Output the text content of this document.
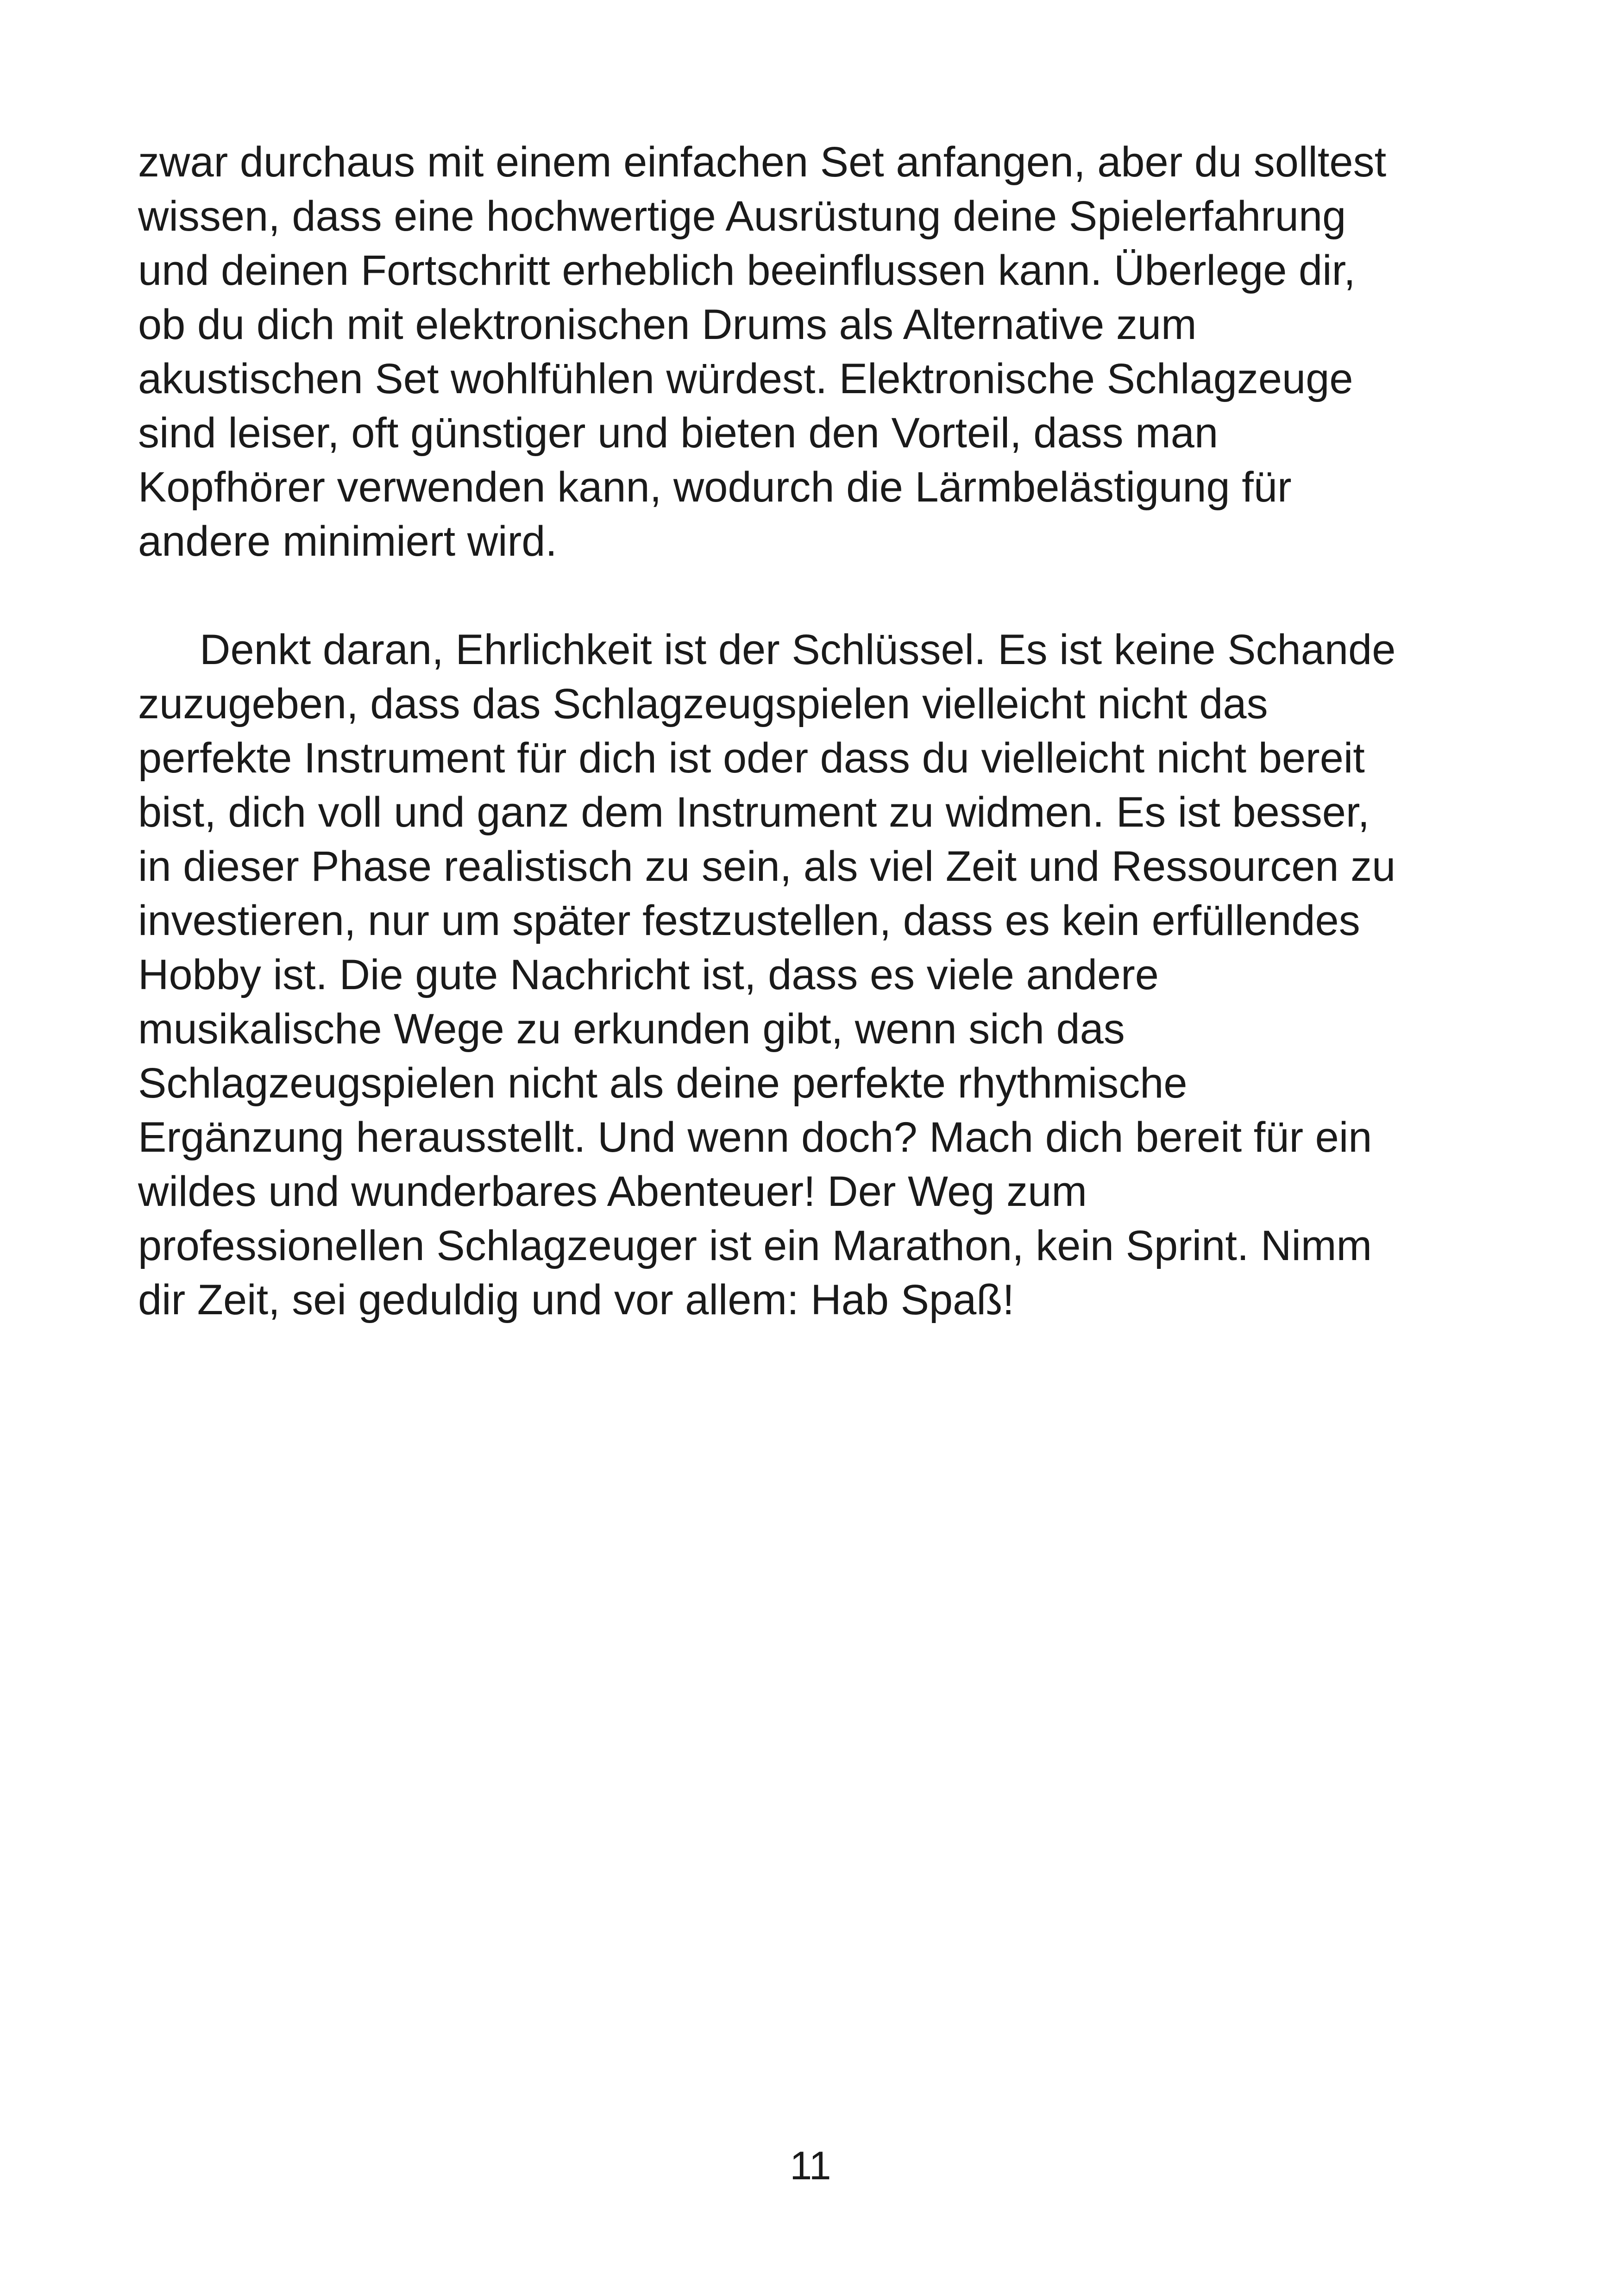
zwar durchaus mit einem einfachen Set anfangen, aber du solltest
wissen, dass eine hochwertige Ausrüstung deine Spielerfahrung
und deinen Fortschritt erheblich beeinflussen kann. Überlege dir,
ob du dich mit elektronischen Drums als Alternative zum
akustischen Set wohlfühlen würdest. Elektronische Schlagzeuge
sind leiser, oft günstiger und bieten den Vorteil, dass man
Kopfhörer verwenden kann, wodurch die Lärmbelästigung für
andere minimiert wird.
Denkt daran, Ehrlichkeit ist der Schlüssel. Es ist keine Schande
zuzugeben, dass das Schlagzeugspielen vielleicht nicht das
perfekte Instrument für dich ist oder dass du vielleicht nicht bereit
bist, dich voll und ganz dem Instrument zu widmen. Es ist besser,
in dieser Phase realistisch zu sein, als viel Zeit und Ressourcen zu
investieren, nur um später festzustellen, dass es kein erfüllendes
Hobby ist. Die gute Nachricht ist, dass es viele andere
musikalische Wege zu erkunden gibt, wenn sich das
Schlagzeugspielen nicht als deine perfekte rhythmische
Ergänzung herausstellt. Und wenn doch? Mach dich bereit für ein
wildes und wunderbares Abenteuer! Der Weg zum
professionellen Schlagzeuger ist ein Marathon, kein Sprint. Nimm
dir Zeit, sei geduldig und vor allem: Hab Spaß!
11
